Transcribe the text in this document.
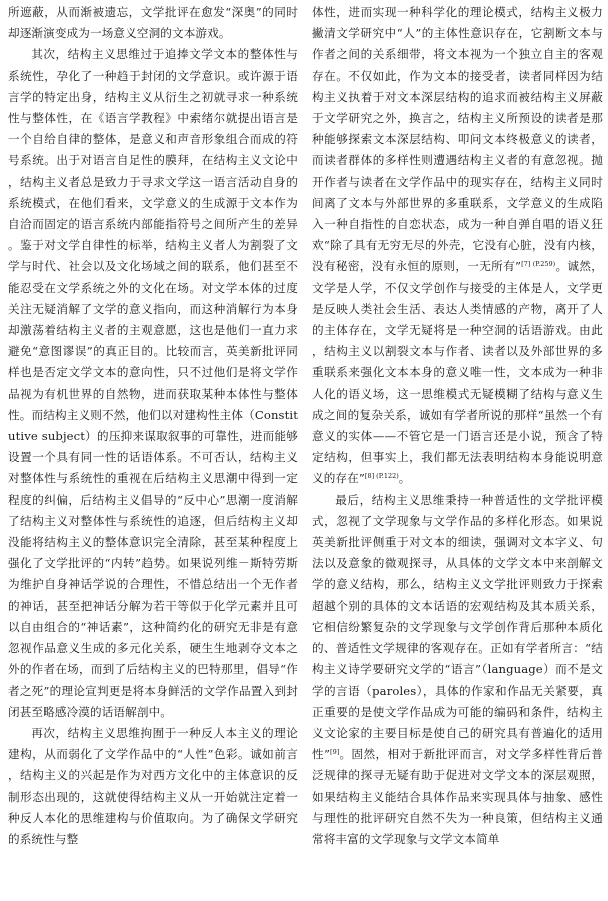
所遮蔽，从而渐被遗忘，文学批评在愈发“深奥”的同时却逐渐演变成为一场意义空洞的文本游戏。

其次，结构主义思维过于追捧文学文本的整体性与系统性，孕化了一种趋于封闭的文学意识。或许源于语言学的特定出身，结构主义从衍生之初就寻求一种系统性与整体性，在《语言学教程》中索绪尔就提出语言是一个自给自律的整体，是意义和声音形象组合而成的符号系统。出于对语言自足性的膜拜，在结构主义文论中，结构主义者总是致力于寻求文学这一语言活动自身的系统模式，在他们看来，文学意义的生成源于文本作为自洽而固定的语言系统内部能指符号之间所产生的差异。鉴于对文学自律性的标举，结构主义者人为割裂了文学与时代、社会以及文化场域之间的联系，他们甚至不能忍受在文学系统之外的文化在场。对文学本体的过度关注无疑消解了文学的意义指向，而这种消解行为本身却激荡着结构主义者的主观意愿，这也是他们一直力求避免“意图谬误”的真正目的。比较而言，英美新批评同样也是否定文学文本的意向性，只不过他们是将文学作品视为有机世界的自然物，进而获取某种本体性与整体性。而结构主义则不然，他们以对建构性主体（Constitutive subject）的压抑来谋取叙事的可靠性，进而能够设置一个具有同一性的话语体系。不可否认，结构主义对整体性与系统性的重视在后结构主义思潮中得到一定程度的纠偏，后结构主义倡导的“反中心”思潮一度消解了结构主义对整体性与系统性的追逐，但后结构主义却没能将结构主义的整体意识完全清除，甚至某种程度上强化了文学批评的“内转”趋势。如果说列维－斯特劳斯为维护自身神话学说的合理性，不惜总结出一个无作者的神话，甚至把神话分解为若干等似于化学元素并且可以自由组合的“神话素”，这种简约化的研究无非是有意忽视作品意义生成的多元化关系，硬生生地剥夺文本之外的作者在场，而到了后结构主义的巴特那里，倡导“作者之死”的理论宣判更是将本身鲜活的文学作品置入到封闭甚至略感冷漠的话语解剖中。

再次，结构主义思维拘囿于一种反人本主义的理论建构，从而弱化了文学作品中的“人性”色彩。诚如前言，结构主义的兴起是作为对西方文化中的主体意识的反制形态出现的，这就使得结构主义从一开始就注定着一种反人本化的思维建构与价值取向。为了确保文学研究的系统性与整

体性，进而实现一种科学化的理论模式，结构主义极力撇清文学研究中“人”的主体性意识存在，它割断文本与作者之间的关系细带，将文本视为一个独立自主的客观存在。不仅如此，作为文本的接受者，读者同样因为结构主义执着于对文本深层结构的追求而被结构主义屏蔽于文学研究之外，换言之，结构主义所预设的读者是那种能够探索文本深层结构、叩问文本终极意义的读者，而读者群体的多样性则遭遇结构主义者的有意忽视。抛开作者与读者在文学作品中的现实存在，结构主义同时间离了文本与外部世界的多重联系，文学意义的生成陷入一种自指性的自恋状态，成为一种自弹自唱的语义狂欢“除了具有无穷无尽的外壳，它没有心脏，没有内核，没有秘密，没有永恒的原则，一无所有”$^{[7] (P.259)}$。诚然，文学是人学，不仅文学创作与接受的主体是人，文学更是反映人类社会生活、表达人类情感的产物，离开了人的主体存在，文学无疑将是一种空洞的话语游戏。由此，结构主义以割裂文本与作者、读者以及外部世界的多重联系来强化文本本身的意义唯一性，文本成为一种非人化的语义场，这一思维模式无疑模糊了结构与意义生成之间的复杂关系，诚如有学者所说的那样“虽然一个有意义的实体——不管它是一门语言还是小说，预含了特定结构，但事实上，我们都无法表明结构本身能说明意义的存在”$^{[8] (P.122)}$。

最后，结构主义思维秉持一种普适性的文学批评模式，忽视了文学现象与文学作品的多样化形态。如果说英美新批评侧重于对文本的细读，强调对文本字义、句法以及意象的微观探寻，从具体的文学文本中来剖解文学的意义结构，那么，结构主义文学批评则致力于探索超越个别的具体的文本话语的宏观结构及其本质关系，它相信纷繁复杂的文学现象与文学创作背后那种本质化的、普适性文学规律的客观存在。正如有学者所言：“结构主义诗学要研究文学的“语言”（language）而不是文学的言语（paroles），具体的作家和作品无关紧要，真正重要的是使文学作品成为可能的编码和条件，结构主义文论家的主要目标是使自己的研究具有普遍化的适用性”[9]。固然，相对于新批评而言，对文学多样性背后普泛规律的探寻无疑有助于促进对文学文本的深层观照，如果结构主义能结合具体作品来实现具体与抽象、感性与理性的批评研究自然不失为一种良策，但结构主义通常将丰富的文学现象与文学文本简单
